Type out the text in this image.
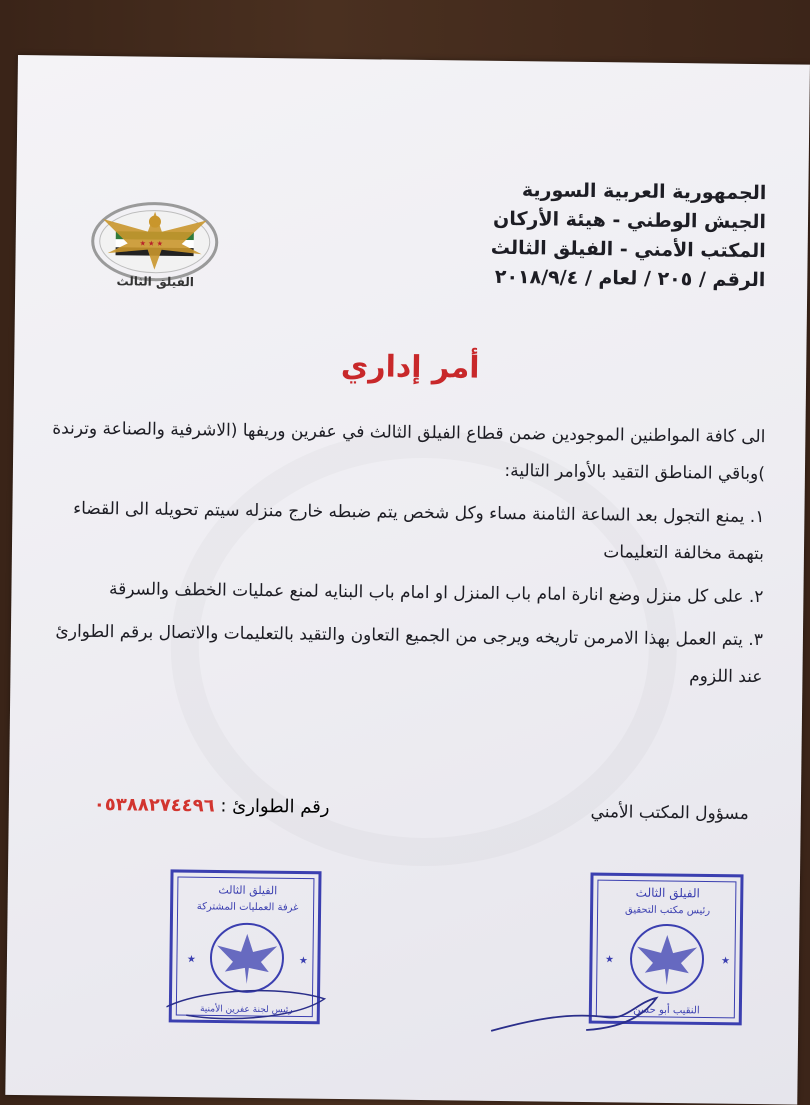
★ ★ ★
الفيلق الثالث
الجمهورية العربية السورية
الجيش الوطني - هيئة الأركان
المكتب الأمني - الفيلق الثالث
الرقم / ٢٠٥ / لعام / ٢٠١٨/٩/٤
أمر إداري

الى كافة المواطنين الموجودين ضمن قطاع الفيلق الثالث في عفرين وريفها (الاشرفية والصناعة وترندة )وباقي المناطق التقيد بالأوامر التالية:

١. يمنع التجول بعد الساعة الثامنة مساء وكل شخص يتم ضبطه خارج منزله سيتم تحويله الى القضاء بتهمة مخالفة التعليمات

٢. على كل منزل وضع انارة امام باب المنزل او امام باب البنايه لمنع عمليات الخطف والسرقة

٣. يتم العمل بهذا الامرمن تاريخه ويرجى من الجميع التعاون والتقيد بالتعليمات والاتصال برقم الطوارئ عند اللزوم

رقم الطوارئ : ٠٥٣٨٨٢٧٤٤٩٦	مسؤول المكتب الأمني
الفيلق الثالث
غرفة العمليات المشتركة
★	★
رئيس لجنة عفرين الأمنية
الفيلق الثالث
رئيس مكتب التحقيق
★	★
النقيب أبو حسن
